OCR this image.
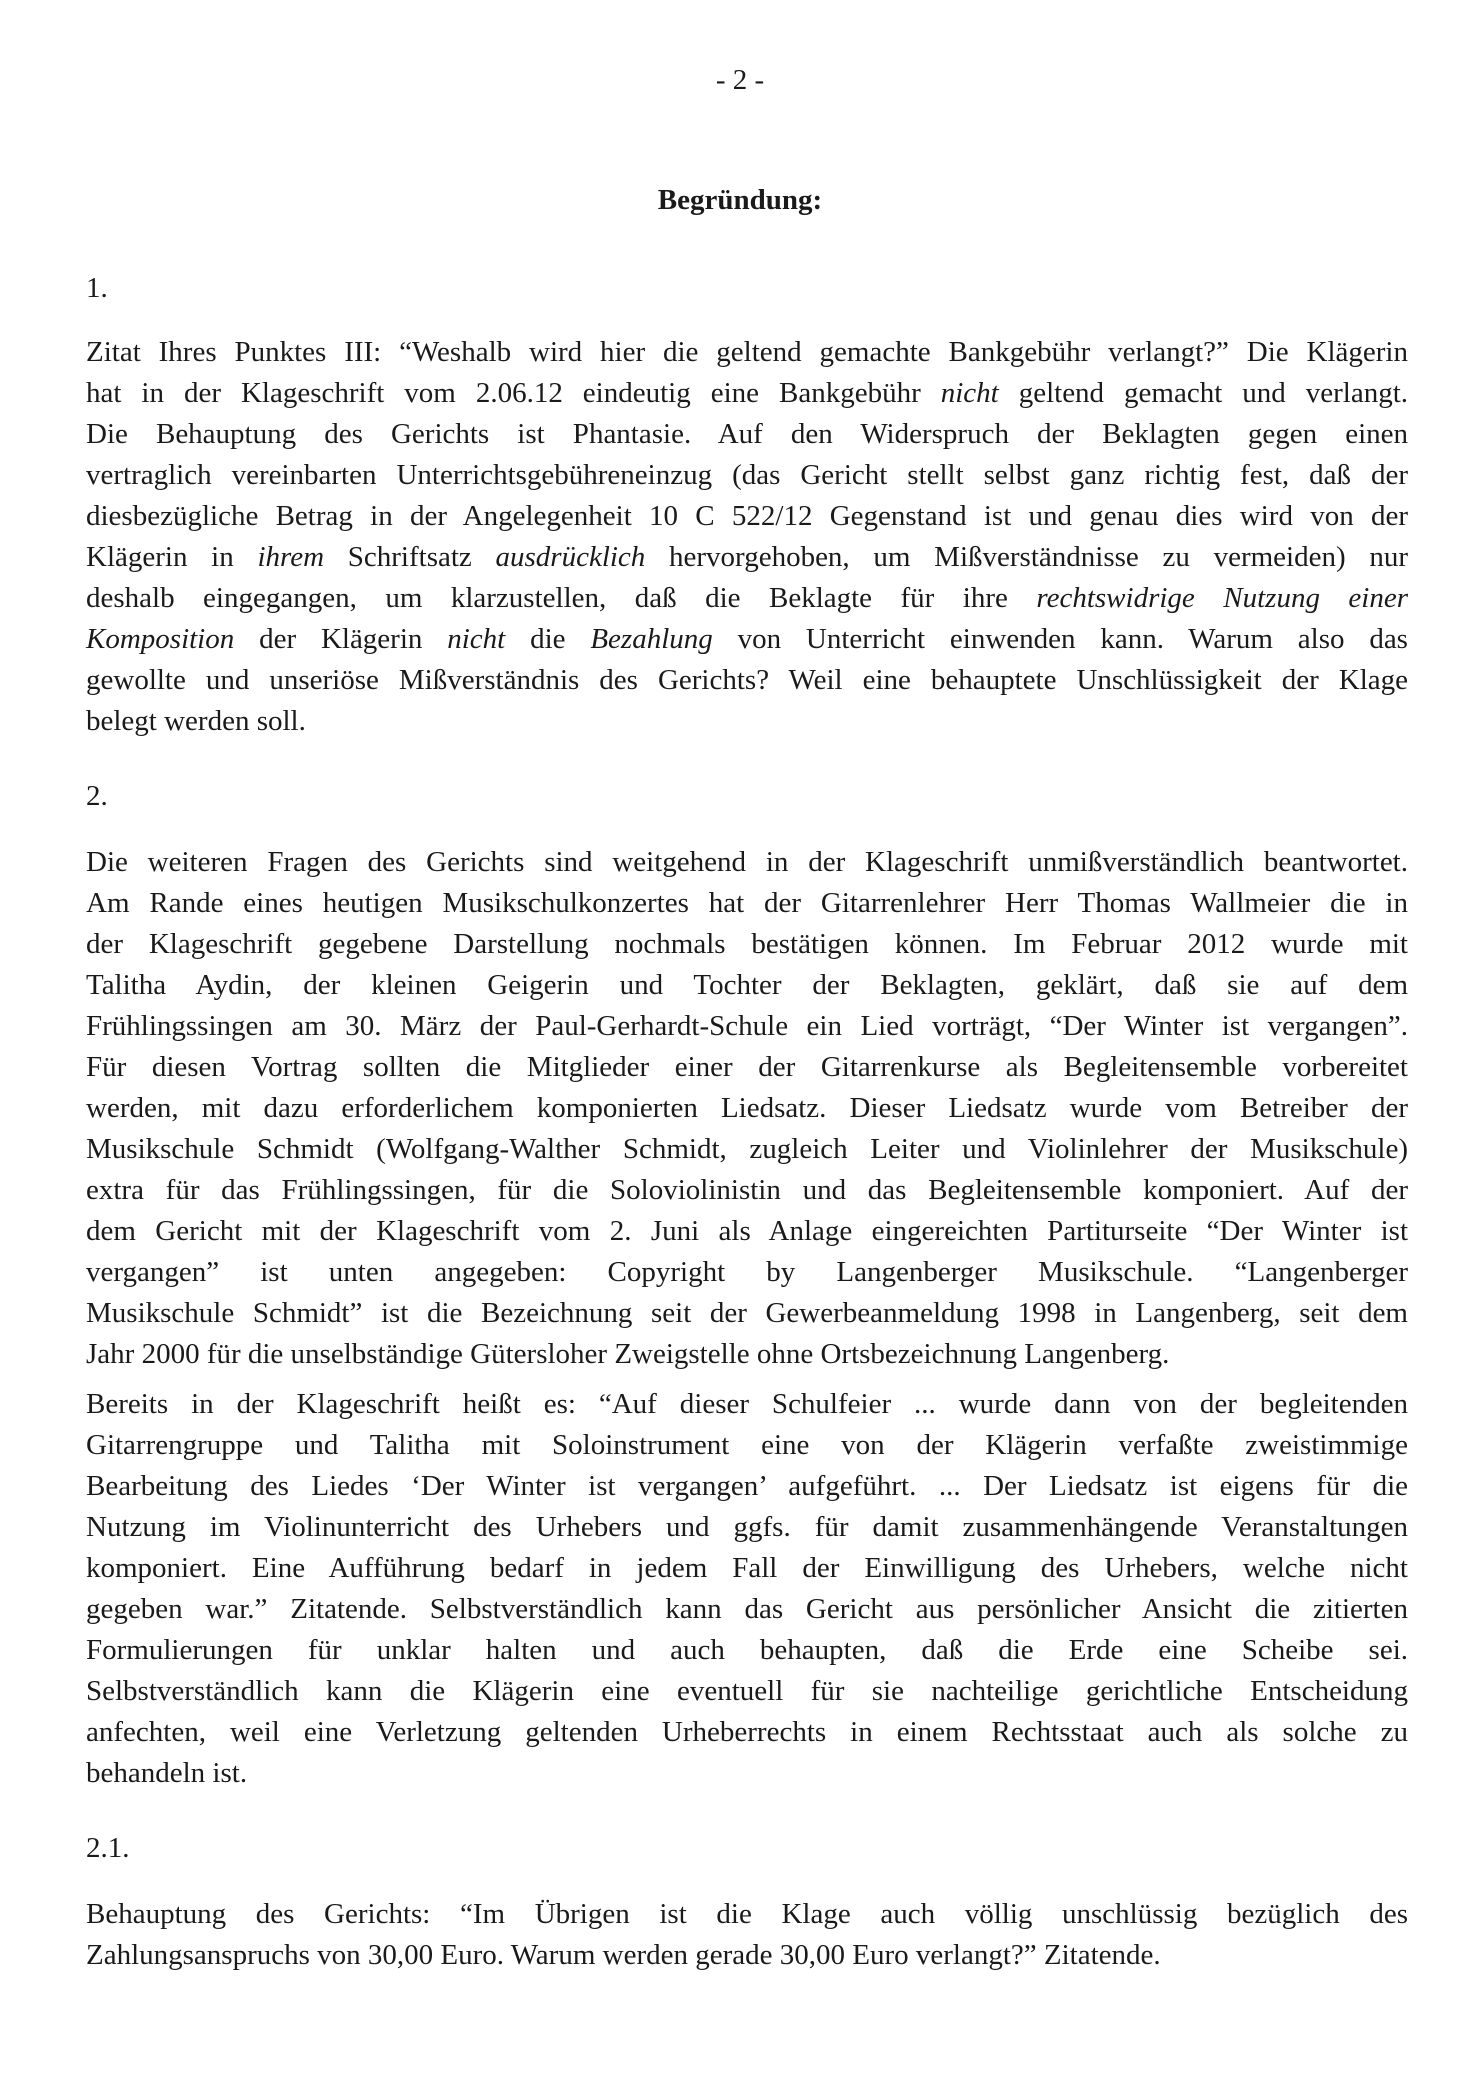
- 2 -
Begründung:
1.
Zitat Ihres Punktes III: “Weshalb wird hier die geltend gemachte Bankgebühr verlangt?” Die Klägerin
hat in der Klageschrift vom 2.06.12 eindeutig eine Bankgebühr nicht geltend gemacht und verlangt.
Die Behauptung des Gerichts ist Phantasie. Auf den Widerspruch der Beklagten gegen einen
vertraglich vereinbarten Unterrichtsgebühreneinzug (das Gericht stellt selbst ganz richtig fest, daß der
diesbezügliche Betrag in der Angelegenheit 10 C 522/12 Gegenstand ist und genau dies wird von der
Klägerin in ihrem Schriftsatz ausdrücklich hervorgehoben, um Mißverständnisse zu vermeiden) nur
deshalb eingegangen, um klarzustellen, daß die Beklagte für ihre rechtswidrige Nutzung einer
Komposition der Klägerin nicht die Bezahlung von Unterricht einwenden kann. Warum also das
gewollte und unseriöse Mißverständnis des Gerichts? Weil eine behauptete Unschlüssigkeit der Klage
belegt werden soll.
2.
Die weiteren Fragen des Gerichts sind weitgehend in der Klageschrift unmißverständlich beantwortet.
Am Rande eines heutigen Musikschulkonzertes hat der Gitarrenlehrer Herr Thomas Wallmeier die in
der Klageschrift gegebene Darstellung nochmals bestätigen können. Im Februar 2012 wurde mit
Talitha Aydin, der kleinen Geigerin und Tochter der Beklagten, geklärt, daß sie auf dem
Frühlingssingen am 30. März der Paul-Gerhardt-Schule ein Lied vorträgt, “Der Winter ist vergangen”.
Für diesen Vortrag sollten die Mitglieder einer der Gitarrenkurse als Begleitensemble vorbereitet
werden, mit dazu erforderlichem komponierten Liedsatz. Dieser Liedsatz wurde vom Betreiber der
Musikschule Schmidt (Wolfgang-Walther Schmidt, zugleich Leiter und Violinlehrer der Musikschule)
extra für das Frühlingssingen, für die Soloviolinistin und das Begleitensemble komponiert. Auf der
dem Gericht mit der Klageschrift vom 2. Juni als Anlage eingereichten Partiturseite “Der Winter ist
vergangen” ist unten angegeben: Copyright by Langenberger Musikschule. “Langenberger
Musikschule Schmidt” ist die Bezeichnung seit der Gewerbeanmeldung 1998 in Langenberg, seit dem
Jahr 2000 für die unselbständige Gütersloher Zweigstelle ohne Ortsbezeichnung Langenberg.
Bereits in der Klageschrift heißt es: “Auf dieser Schulfeier ... wurde dann von der begleitenden
Gitarrengruppe und Talitha mit Soloinstrument eine von der Klägerin verfaßte zweistimmige
Bearbeitung des Liedes ‘Der Winter ist vergangen’ aufgeführt. ... Der Liedsatz ist eigens für die
Nutzung im Violinunterricht des Urhebers und ggfs. für damit zusammenhängende Veranstaltungen
komponiert. Eine Aufführung bedarf in jedem Fall der Einwilligung des Urhebers, welche nicht
gegeben war.” Zitatende. Selbstverständlich kann das Gericht aus persönlicher Ansicht die zitierten
Formulierungen für unklar halten und auch behaupten, daß die Erde eine Scheibe sei.
Selbstverständlich kann die Klägerin eine eventuell für sie nachteilige gerichtliche Entscheidung
anfechten, weil eine Verletzung geltenden Urheberrechts in einem Rechtsstaat auch als solche zu
behandeln ist.
2.1.
Behauptung des Gerichts: “Im Übrigen ist die Klage auch völlig unschlüssig bezüglich des
Zahlungsanspruchs von 30,00 Euro. Warum werden gerade 30,00 Euro verlangt?” Zitatende.
